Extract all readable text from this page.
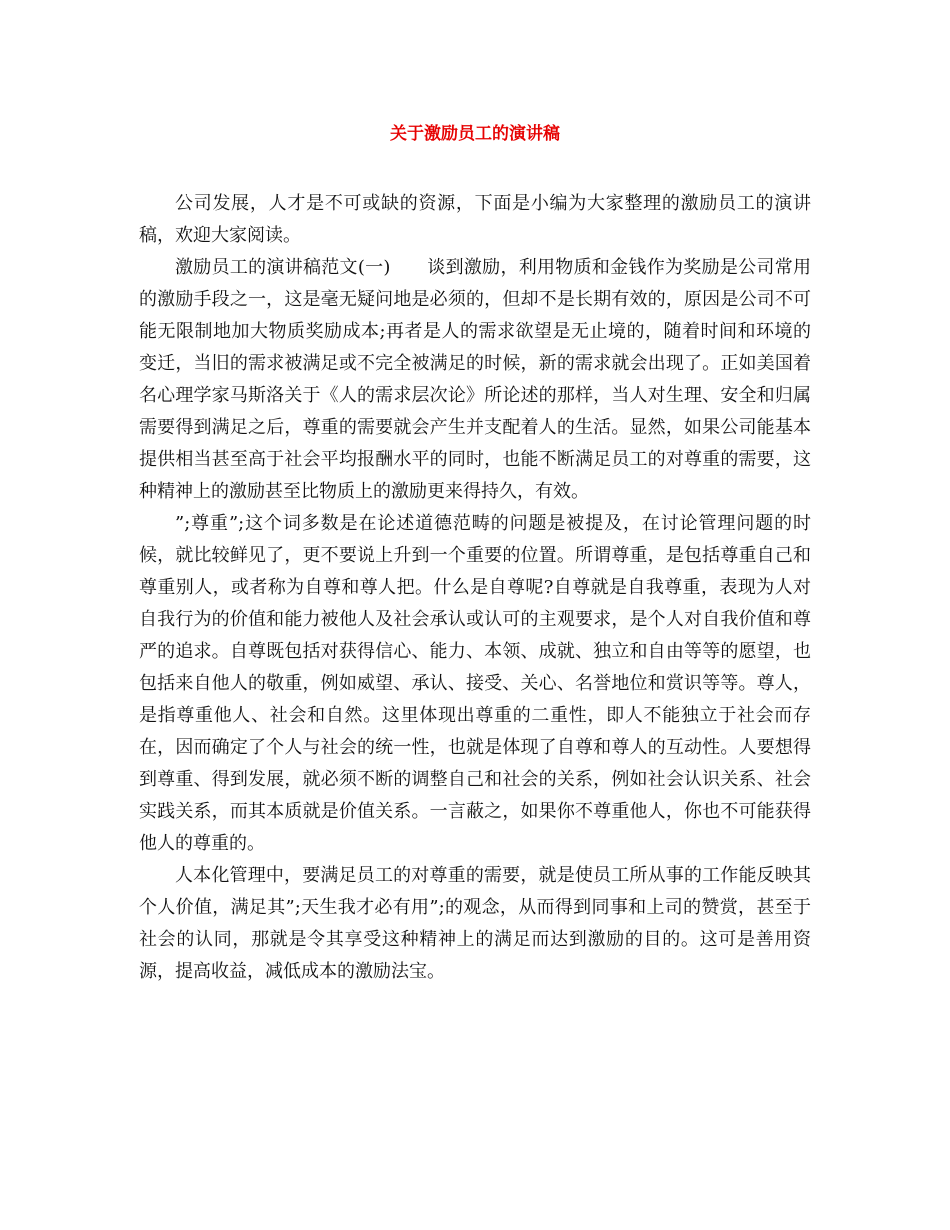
关于激励员工的演讲稿

公司发展，人才是不可或缺的资源，下面是小编为大家整理的激励员工的演讲稿，欢迎大家阅读。

激励员工的演讲稿范文(一)　　谈到激励，利用物质和金钱作为奖励是公司常用的激励手段之一，这是毫无疑问地是必须的，但却不是长期有效的，原因是公司不可能无限制地加大物质奖励成本;再者是人的需求欲望是无止境的，随着时间和环境的变迁，当旧的需求被满足或不完全被满足的时候，新的需求就会出现了。正如美国着名心理学家马斯洛关于《人的需求层次论》所论述的那样，当人对生理、安全和归属需要得到满足之后，尊重的需要就会产生并支配着人的生活。显然，如果公司能基本提供相当甚至高于社会平均报酬水平的同时，也能不断满足员工的对尊重的需要，这种精神上的激励甚至比物质上的激励更来得持久，有效。

”;尊重”;这个词多数是在论述道德范畴的问题是被提及，在讨论管理问题的时候，就比较鲜见了，更不要说上升到一个重要的位置。所谓尊重，是包括尊重自己和尊重别人，或者称为自尊和尊人把。什么是自尊呢?自尊就是自我尊重，表现为人对自我行为的价值和能力被他人及社会承认或认可的主观要求，是个人对自我价值和尊严的追求。自尊既包括对获得信心、能力、本领、成就、独立和自由等等的愿望，也包括来自他人的敬重，例如威望、承认、接受、关心、名誉地位和赏识等等。尊人，是指尊重他人、社会和自然。这里体现出尊重的二重性，即人不能独立于社会而存在，因而确定了个人与社会的统一性，也就是体现了自尊和尊人的互动性。人要想得到尊重、得到发展，就必须不断的调整自己和社会的关系，例如社会认识关系、社会实践关系，而其本质就是价值关系。一言蔽之，如果你不尊重他人，你也不可能获得他人的尊重的。

人本化管理中，要满足员工的对尊重的需要，就是使员工所从事的工作能反映其个人价值，满足其”;天生我才必有用”;的观念，从而得到同事和上司的赞赏，甚至于社会的认同，那就是令其享受这种精神上的满足而达到激励的目的。这可是善用资源，提高收益，减低成本的激励法宝。
